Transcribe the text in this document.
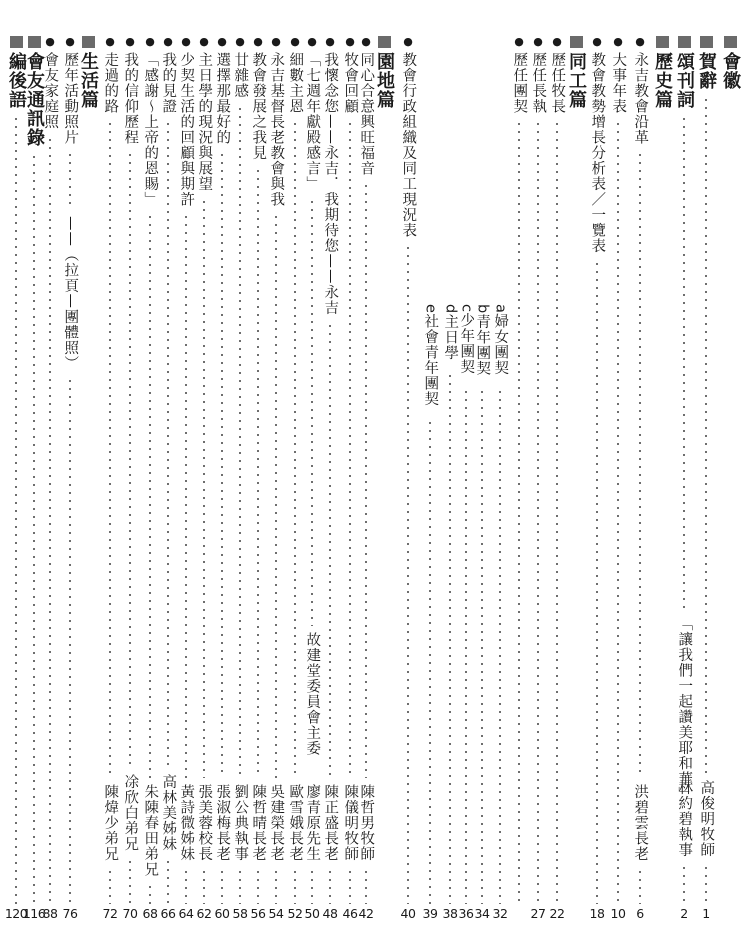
會徽
賀辭
高俊明牧師
1
頌刊詞
「讓我們一起讚美耶和華」
林約碧執事
2
歷史篇
●
永吉教會沿革
洪碧雲長老
6
●
大事年表
10
●
教會教勢增長分析表／一覽表
18
同工篇
●
歷任牧長
22
●
歷任長執
27
●
歷任團契
a婦女團契
32
b青年團契
34
c少年團契
36
d主日學
38
e社會青年團契
39
●
教會行政組織及同工現況表
40
園地篇
●
同心合意興旺福音
陳哲男牧師
42
●
牧會回顧
陳儀明牧師
46
●
我懷念您——永吉．我期待您——永吉
陳正盛長老
48
●
「七週年獻殿感言」
故建堂委員會主委
廖青原先生
50
●
細數主恩
歐雪娥長老
52
●
永吉基督長老教會與我
吳建榮長老
54
●
教會發展之我見
陳哲晴長老
56
●
廿雜感
劉公典執事
58
●
選擇那最好的
張淑梅長老
60
●
主日學的現況與展望
張美蓉校長
62
●
少契生活的回顧與期許
黃詩微姊妹
64
●
我的見證
高林美姊妹
66
●
「感謝～上帝的恩賜」
朱陳春田弟兄
68
●
我的信仰歷程
凃欣白弟兄
70
●
走過的路
陳煒少弟兄
72
生活篇
●
歷年活動照片
——（拉頁—團體照）
76
●
會友家庭照
88
會友通訊錄
116
編後語
120
